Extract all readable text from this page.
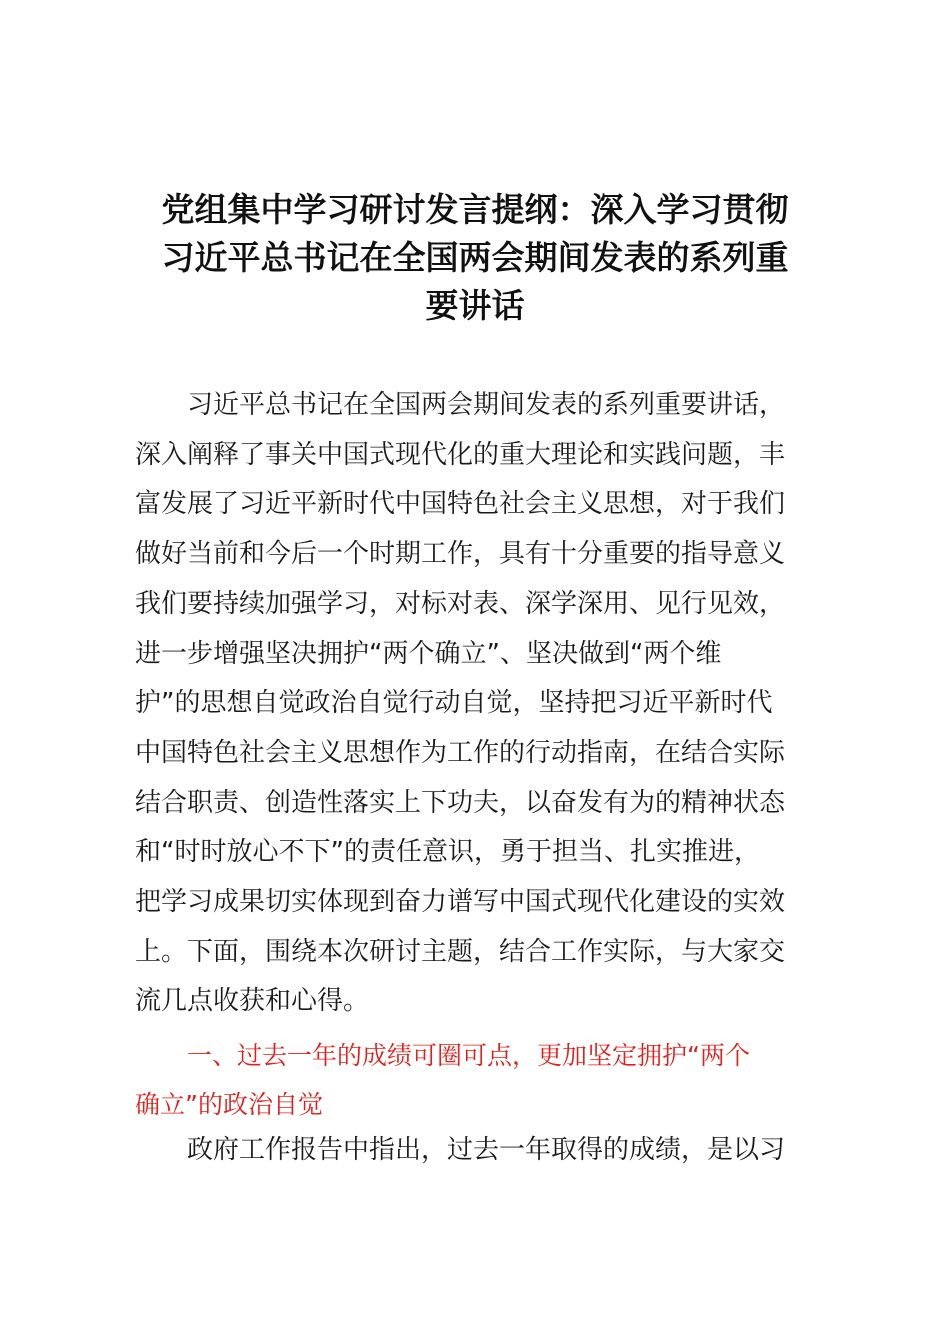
党组集中学习研讨发言提纲：深入学习贯彻
习近平总书记在全国两会期间发表的系列重
要讲话
习近平总书记在全国两会期间发表的系列重要讲话，
深入阐释了事关中国式现代化的重大理论和实践问题，丰
富发展了习近平新时代中国特色社会主义思想，对于我们
做好当前和今后一个时期工作，具有十分重要的指导意义
我们要持续加强学习，对标对表、深学深用、见行见效，
进一步增强坚决拥护“两个确立”、坚决做到“两个维
护”的思想自觉政治自觉行动自觉，坚持把习近平新时代
中国特色社会主义思想作为工作的行动指南，在结合实际
结合职责、创造性落实上下功夫，以奋发有为的精神状态
和“时时放心不下”的责任意识，勇于担当、扎实推进，
把学习成果切实体现到奋力谱写中国式现代化建设的实效
上。下面，围绕本次研讨主题，结合工作实际，与大家交
流几点收获和心得。
一、过去一年的成绩可圈可点，更加坚定拥护“两个
确立”的政治自觉
政府工作报告中指出，过去一年取得的成绩，是以习
